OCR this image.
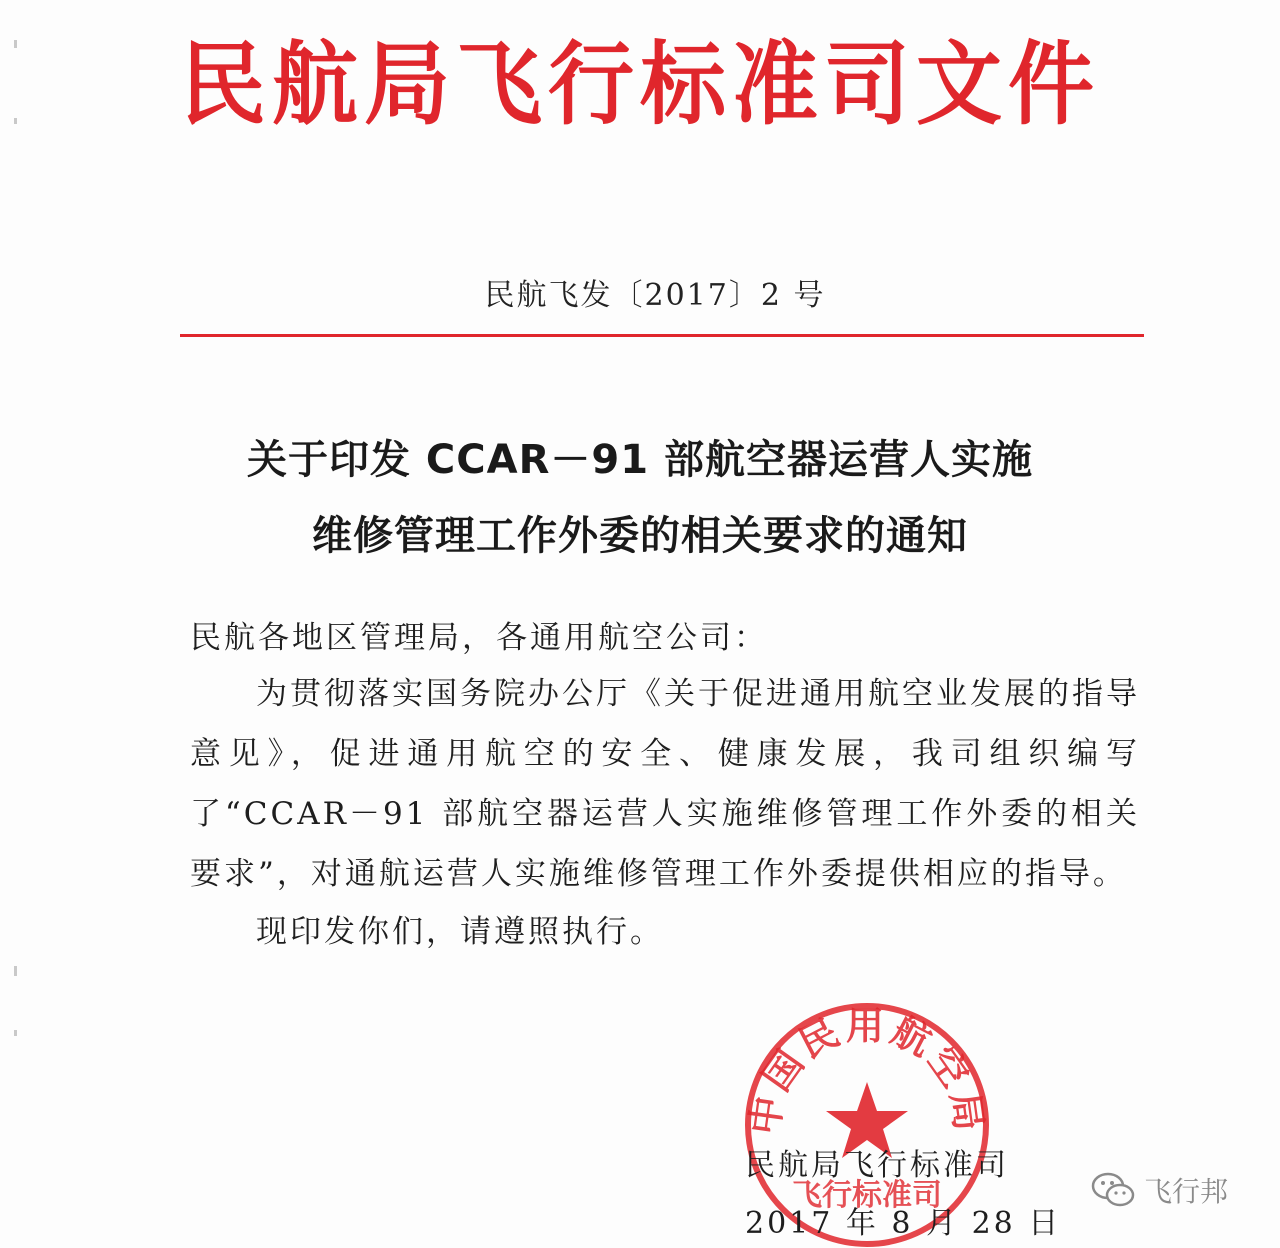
民航局飞行标准司文件
民航飞发〔2017〕2 号
关于印发 CCAR－91 部航空器运营人实施
维修管理工作外委的相关要求的通知
民航各地区管理局，各通用航空公司：
为贯彻落实国务院办公厅《关于促进通用航空业发展的指导意见》，促进通用航空的安全、健康发展，我司组织编写了“CCAR－91 部航空器运营人实施维修管理工作外委的相关要求”，对通航运营人实施维修管理工作外委提供相应的指导。
现印发你们，请遵照执行。
中国民用航空局
飞行标准司
民航局飞行标准司
2017 年 8 月 28 日
飞行邦
